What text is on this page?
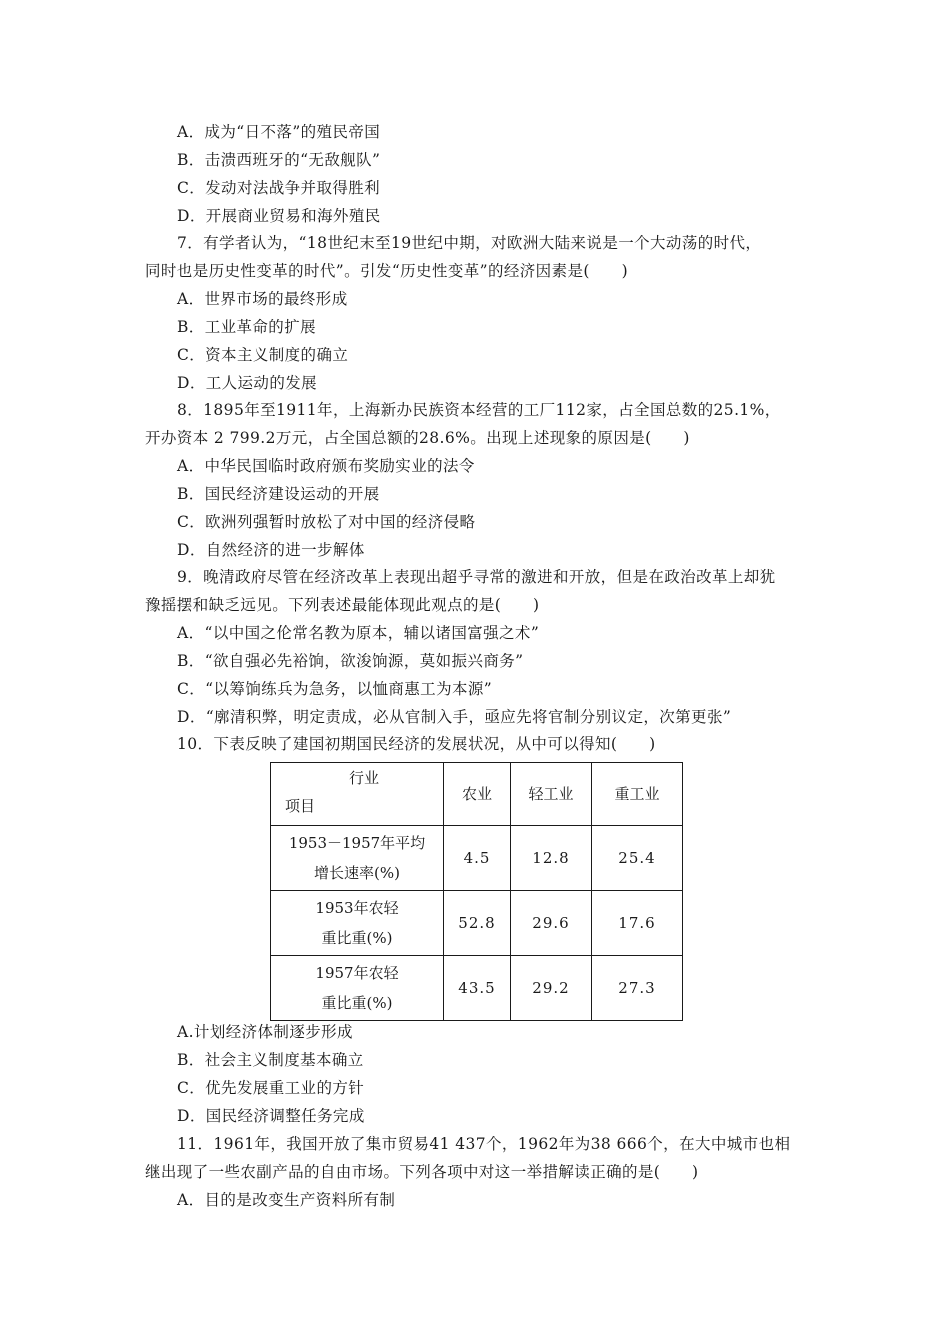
A．成为“日不落”的殖民帝国
B．击溃西班牙的“无敌舰队”
C．发动对法战争并取得胜利
D．开展商业贸易和海外殖民
7．有学者认为，“18世纪末至19世纪中期，对欧洲大陆来说是一个大动荡的时代，
同时也是历史性变革的时代”。引发“历史性变革”的经济因素是(　　)
A．世界市场的最终形成
B．工业革命的扩展
C．资本主义制度的确立
D．工人运动的发展
8．1895年至1911年，上海新办民族资本经营的工厂112家，占全国总数的25.1%，
开办资本 2 799.2万元，占全国总额的28.6%。出现上述现象的原因是(　　)
A．中华民国临时政府颁布奖励实业的法令
B．国民经济建设运动的开展
C．欧洲列强暂时放松了对中国的经济侵略
D．自然经济的进一步解体
9．晚清政府尽管在经济改革上表现出超乎寻常的激进和开放，但是在政治改革上却犹
豫摇摆和缺乏远见。下列表述最能体现此观点的是(　　)
A．“以中国之伦常名教为原本，辅以诸国富强之术”
B．“欲自强必先裕饷，欲浚饷源，莫如振兴商务”
C．“以筹饷练兵为急务，以恤商惠工为本源”
D．“廓清积弊，明定责成，必从官制入手，亟应先将官制分别议定，次第更张”
10．下表反映了建国初期国民经济的发展状况，从中可以得知(　　)
行业
项目	农业	轻工业	重工业

1953－1957年平均
增长速率(%)	4.5	12.8	25.4

1953年农轻
重比重(%)	52.8	29.6	17.6

1957年农轻
重比重(%)	43.5	29.2	27.3
A.计划经济体制逐步形成
B．社会主义制度基本确立
C．优先发展重工业的方针
D．国民经济调整任务完成
11．1961年，我国开放了集市贸易41 437个，1962年为38 666个，在大中城市也相
继出现了一些农副产品的自由市场。下列各项中对这一举措解读正确的是(　　)
A．目的是改变生产资料所有制
